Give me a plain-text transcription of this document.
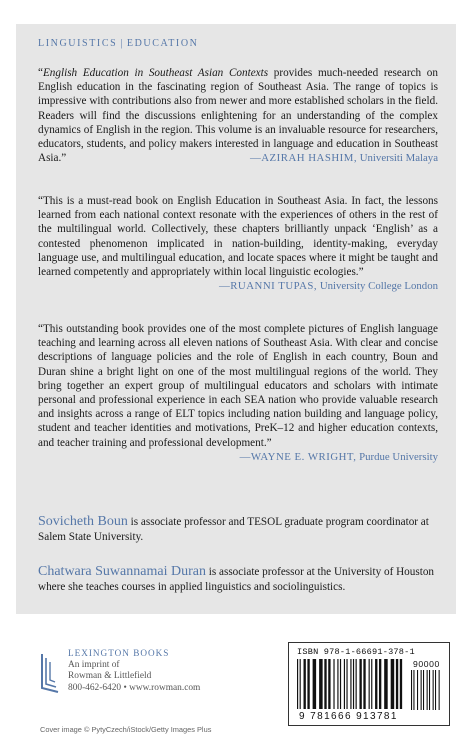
LINGUISTICS | EDUCATION
“English Education in Southeast Asian Contexts provides much-needed research on English education in the fascinating region of Southeast Asia. The range of topics is impressive with contributions also from newer and more established scholars in the field. Readers will find the discussions enlightening for an understanding of the complex dynamics of English in the region. This volume is an invaluable resource for researchers, educators, students, and policy makers interested in language and education in Southeast Asia.”	—AZIRAH HASHIM, Universiti Malaya
“This is a must-read book on English Education in Southeast Asia. In fact, the lessons learned from each national context resonate with the experiences of others in the rest of the multilingual world. Collectively, these chapters brilliantly unpack ‘English’ as a contested phenomenon implicated in nation-building, identity-making, everyday language use, and multilingual education, and locate spaces where it might be taught and learned competently and appropriately within local linguistic ecologies.”
—RUANNI TUPAS, University College London
“This outstanding book provides one of the most complete pictures of English language teaching and learning across all eleven nations of Southeast Asia. With clear and concise descriptions of language policies and the role of English in each country, Boun and Duran shine a bright light on one of the most multilingual regions of the world. They bring together an expert group of multilingual educators and scholars with intimate personal and professional experience in each SEA nation who provide valuable research and insights across a range of ELT topics including nation building and language policy, student and teacher identities and motivations, PreK–12 and higher education contexts, and teacher training and professional development.”
—WAYNE E. WRIGHT, Purdue University
Sovicheth Boun is associate professor and TESOL graduate program coordinator at Salem State University.
Chatwara Suwannamai Duran is associate professor at the University of Houston where she teaches courses in applied linguistics and sociolinguistics.
LEXINGTON BOOKS
An imprint of
Rowman & Littlefield
800-462-6420 • www.rowman.com
Cover image © PytyCzech/iStock/Getty Images Plus
ISBN 978-1-66691-378-1
90000
9 781666 913781
